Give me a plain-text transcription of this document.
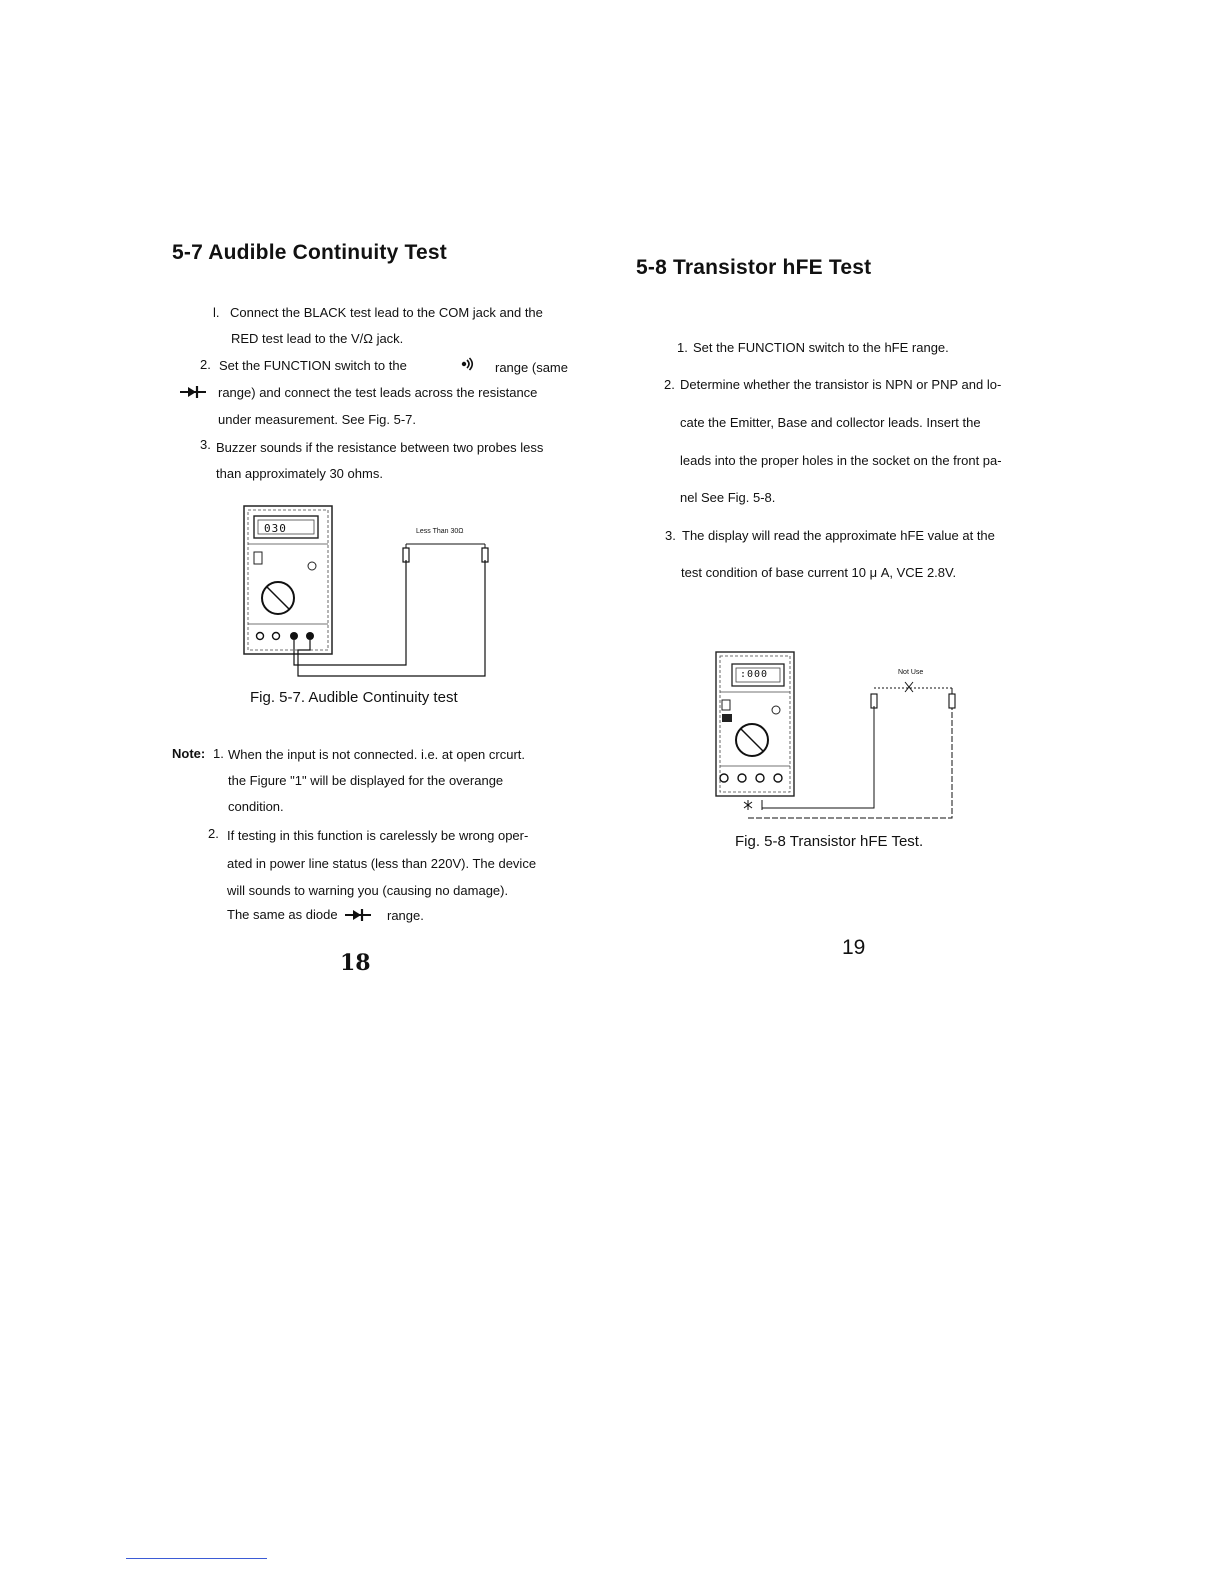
5-7 Audible Continuity Test
l. Connect the BLACK test lead to the COM jack and the
RED test lead to the V/Ω jack.
2. Set the FUNCTION switch to the	range (same
range) and connect the test leads across the resistance
under measurement. See Fig. 5-7.
3. Buzzer sounds if the resistance between two probes less
than approximately 30 ohms.
030	Less Than 30Ω
Fig. 5-7. Audible Continuity test
Note: 1. When the input is not connected. i.e. at open crcurt.
the Figure "1" will be displayed for the overange
condition.
2. If testing in this function is carelessly be wrong oper-
ated in power line status (less than 220V). The device
will sounds to warning you (causing no damage).
The same as diode	range.
18
5-8 Transistor hFE Test
1. Set the FUNCTION switch to the hFE range.
2. Determine whether the transistor is NPN or PNP and lo-
cate the Emitter, Base and collector leads. Insert the
leads into the proper holes in the socket on the front pa-
nel See Fig. 5-8.
3. The display will read the approximate hFE value at the
test condition of base current 10 μ A, VCE 2.8V.
:000	Not Use
Fig. 5-8 Transistor hFE Test.
19
